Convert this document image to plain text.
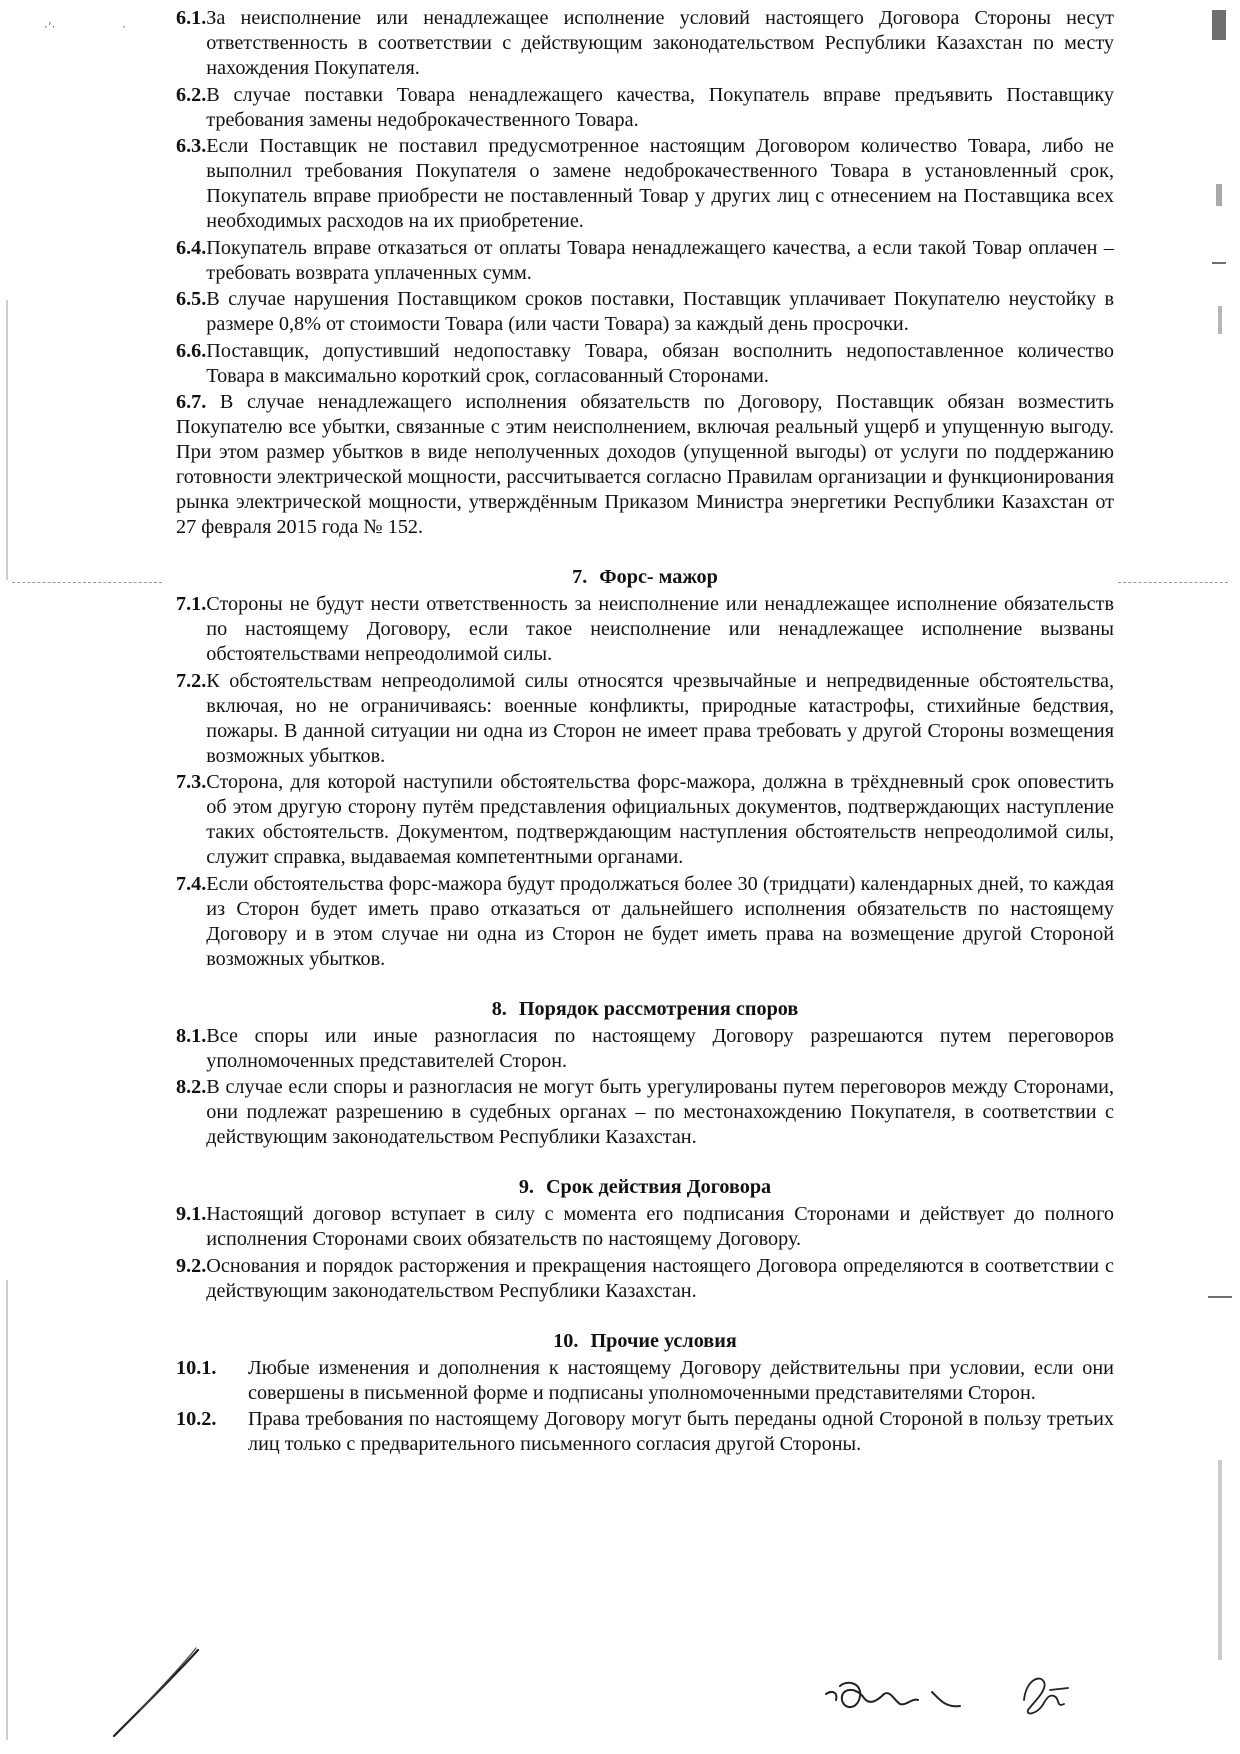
·ʼ·	· 6.1. За неисполнение или ненадлежащее исполнение условий настоящего Договора Стороны несут ответственность в соответствии с действующим законодательством Республики Казахстан по месту нахождения Покупателя.
6.2. В случае поставки Товара ненадлежащего качества, Покупатель вправе предъявить Поставщику требования замены недоброкачественного Товара.
6.3. Если Поставщик не поставил предусмотренное настоящим Договором количество Товара, либо не выполнил требования Покупателя о замене недоброкачественного Товара в установленный срок, Покупатель вправе приобрести не поставленный Товар у других лиц с отнесением на Поставщика всех необходимых расходов на их приобретение.
6.4. Покупатель вправе отказаться от оплаты Товара ненадлежащего качества, а если такой Товар оплачен – требовать возврата уплаченных сумм.
6.5. В случае нарушения Поставщиком сроков поставки, Поставщик уплачивает Покупателю неустойку в размере 0,8% от стоимости Товара (или части Товара) за каждый день просрочки.
6.6. Поставщик, допустивший недопоставку Товара, обязан восполнить недопоставленное количество Товара в максимально короткий срок, согласованный Сторонами.
6.7. В случае ненадлежащего исполнения обязательств по Договору, Поставщик обязан возместить Покупателю все убытки, связанные с этим неисполнением, включая реальный ущерб и упущенную выгоду. При этом размер убытков в виде неполученных доходов (упущенной выгоды) от услуги по поддержанию готовности электрической мощности, рассчитывается согласно Правилам организации и функционирования рынка электрической мощности, утверждённым Приказом Министра энергетики Республики Казахстан от 27 февраля 2015 года № 152.
7. Форс- мажор
7.1. Стороны не будут нести ответственность за неисполнение или ненадлежащее исполнение обязательств по настоящему Договору, если такое неисполнение или ненадлежащее исполнение вызваны обстоятельствами непреодолимой силы.
7.2. К обстоятельствам непреодолимой силы относятся чрезвычайные и непредвиденные обстоятельства, включая, но не ограничиваясь: военные конфликты, природные катастрофы, стихийные бедствия, пожары. В данной ситуации ни одна из Сторон не имеет права требовать у другой Стороны возмещения возможных убытков.
7.3. Сторона, для которой наступили обстоятельства форс-мажора, должна в трёхдневный срок оповестить об этом другую сторону путём представления официальных документов, подтверждающих наступление таких обстоятельств. Документом, подтверждающим наступления обстоятельств непреодолимой силы, служит справка, выдаваемая компетентными органами.
7.4. Если обстоятельства форс-мажора будут продолжаться более 30 (тридцати) календарных дней, то каждая из Сторон будет иметь право отказаться от дальнейшего исполнения обязательств по настоящему Договору и в этом случае ни одна из Сторон не будет иметь права на возмещение другой Стороной возможных убытков.
8. Порядок рассмотрения споров
8.1. Все споры или иные разногласия по настоящему Договору разрешаются путем переговоров уполномоченных представителей Сторон.
8.2. В случае если споры и разногласия не могут быть урегулированы путем переговоров между Сторонами, они подлежат разрешению в судебных органах – по местонахождению Покупателя, в соответствии с действующим законодательством Республики Казахстан.
9. Срок действия Договора
9.1. Настоящий договор вступает в силу с момента его подписания Сторонами и действует до полного исполнения Сторонами своих обязательств по настоящему Договору.
9.2. Основания и порядок расторжения и прекращения настоящего Договора определяются в соответствии с действующим законодательством Республики Казахстан.
10. Прочие условия
10.1.	Любые изменения и дополнения к настоящему Договору действительны при условии, если они совершены в письменной форме и подписаны уполномоченными представителями Сторон.
10.2.	Права требования по настоящему Договору могут быть переданы одной Стороной в пользу третьих лиц только с предварительного письменного согласия другой Стороны.
